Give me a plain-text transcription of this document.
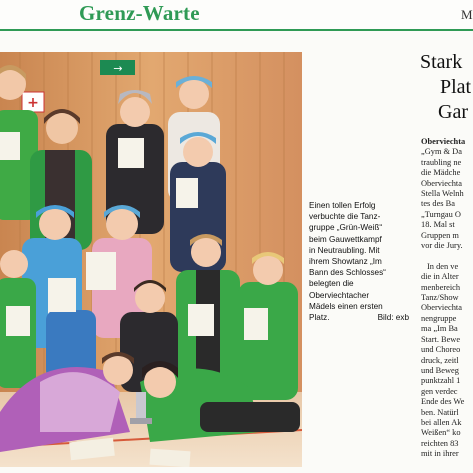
Grenz-Warte	M
→
+

Einen tollen Erfolg
verbuchte die Tanz-
gruppe „Grün-Weiß“
beim Gauwettkampf
in Neutraubling. Mit
ihrem Showtanz „Im
Bann des Schlosses“
belegten die
Oberviechtacher
Mädels einen ersten
Platz.	Bild: exb

Stark
Plat
Gar
Oberviechta
„Gym & Da
traubling ne
die Mädche
Oberviechta
Stella Welnh
tes des Ba
„Turngau O
18. Mal st
Gruppen m
vor die Jury.
In den ve
die in Alter
menbereich
Tanz/Show
Oberviechta
nengruppe
ma „Im Ba
Start. Bewe
und Choreo
druck, zeitl
und Beweg
punktzahl 1
gen verdec
Ende des We
ben. Natürl
bei allen Ak
Weißen“ ko
reichten 83
mit in ihrer
